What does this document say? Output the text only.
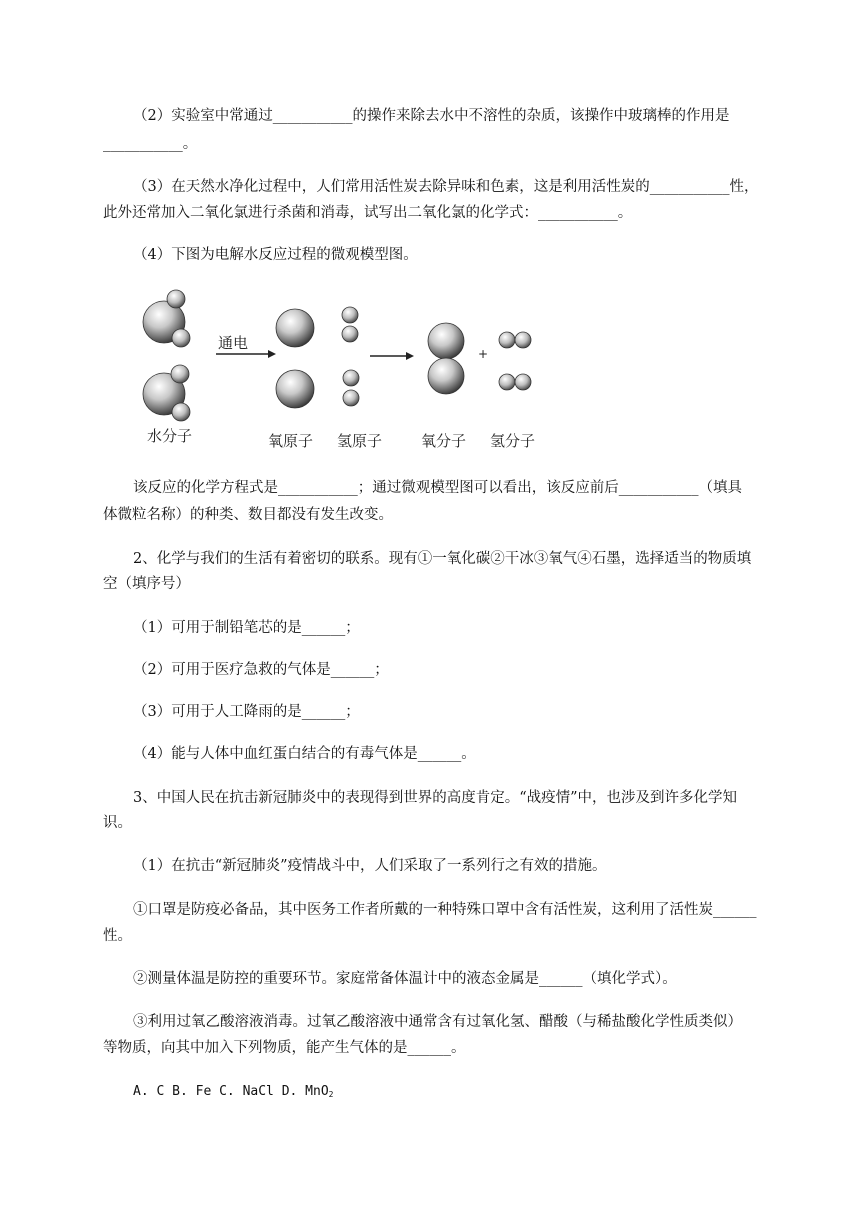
（2）实验室中常通过___________的操作来除去水中不溶性的杂质，该操作中玻璃棒的作用是
___________。
（3）在天然水净化过程中，人们常用活性炭去除异味和色素，这是利用活性炭的___________性，
此外还常加入二氧化氯进行杀菌和消毒，试写出二氧化氯的化学式：___________。
（4）下图为电解水反应过程的微观模型图。
通电
+
水分子	氧原子 氢原子	氧分子 氢分子
该反应的化学方程式是___________；通过微观模型图可以看出，该反应前后___________（填具
体微粒名称）的种类、数目都没有发生改变。
2、化学与我们的生活有着密切的联系。现有①一氧化碳②干冰③氧气④石墨，选择适当的物质填
空（填序号）
（1）可用于制铅笔芯的是______；
（2）可用于医疗急救的气体是______；
（3）可用于人工降雨的是______；
（4）能与人体中血红蛋白结合的有毒气体是______。
3、中国人民在抗击新冠肺炎中的表现得到世界的高度肯定。“战疫情”中，也涉及到许多化学知
识。
（1）在抗击“新冠肺炎”疫情战斗中，人们采取了一系列行之有效的措施。
①口罩是防疫必备品，其中医务工作者所戴的一种特殊口罩中含有活性炭，这利用了活性炭______
性。
②测量体温是防控的重要环节。家庭常备体温计中的液态金属是______（填化学式）。
③利用过氧乙酸溶液消毒。过氧乙酸溶液中通常含有过氧化氢、醋酸（与稀盐酸化学性质类似）
等物质，向其中加入下列物质，能产生气体的是______。
A. C B. Fe C. NaCl D. MnO$_2$
